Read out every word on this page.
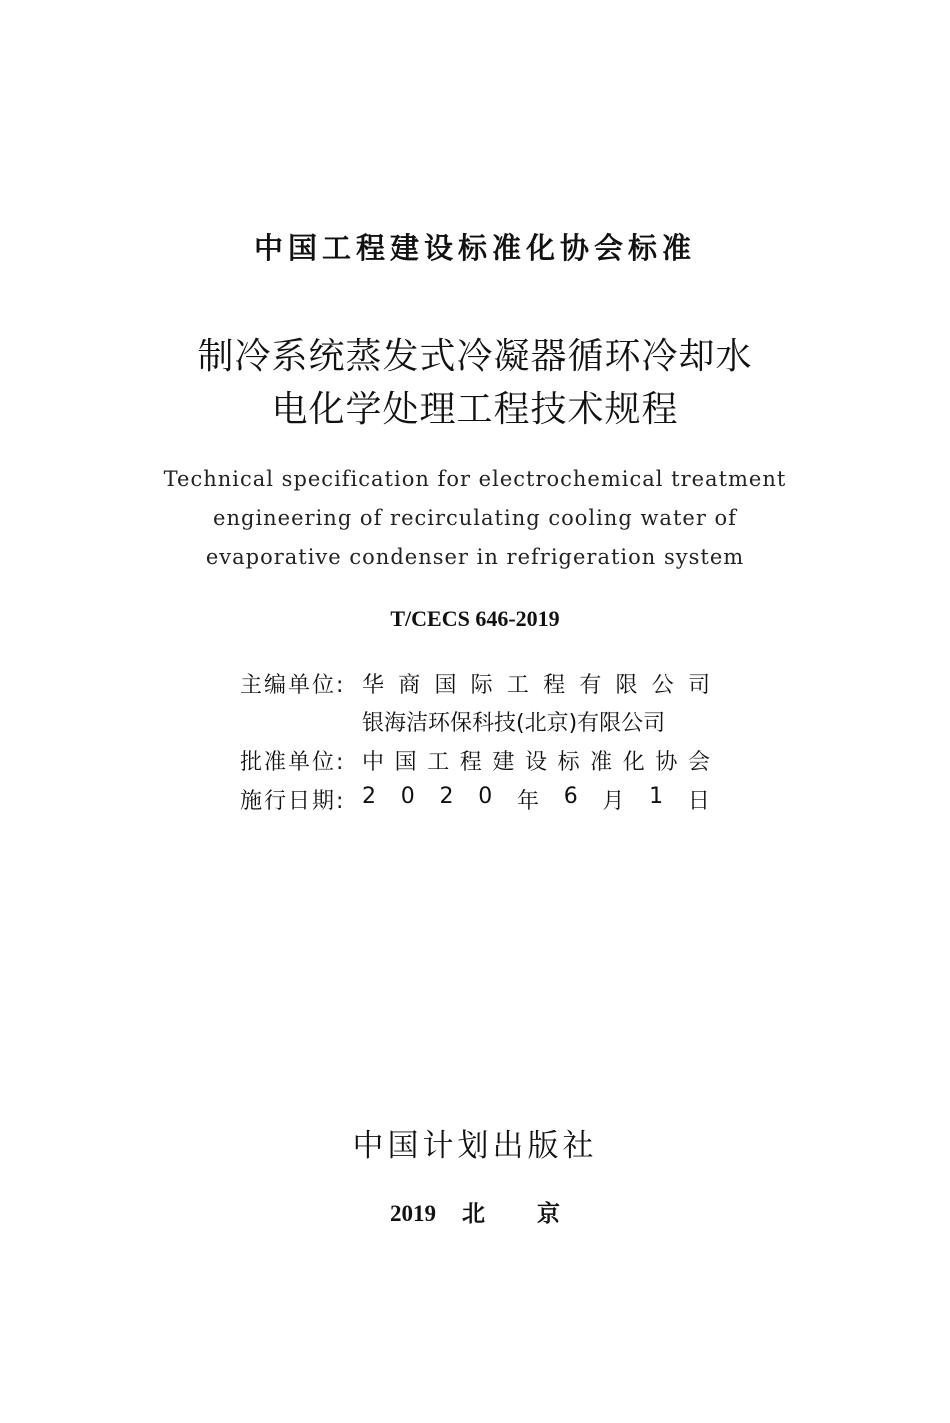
中国工程建设标准化协会标准
制冷系统蒸发式冷凝器循环冷却水
电化学处理工程技术规程
Technical specification for electrochemical treatment
engineering of recirculating cooling water of
evaporative condenser in refrigeration system
T/CECS 646-2019
主编单位: 华 商 国 际 工 程 有 限 公 司
银海洁环保科技(北京)有限公司
批准单位: 中 国 工 程 建 设 标 准 化 协 会
施行日期: 2 0 2 0 年 6 月 1 日
中国计划出版社
2019 北 京
